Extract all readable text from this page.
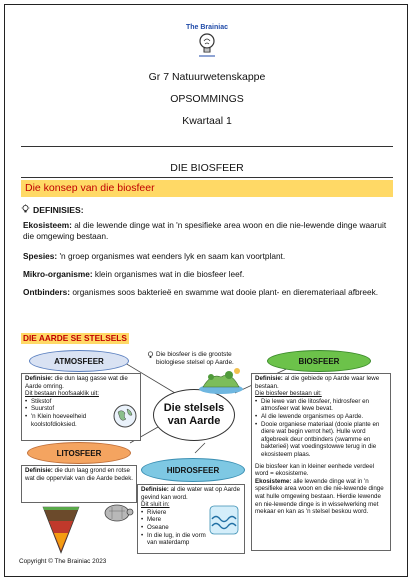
The Brainiac
Gr 7 Natuurwetenskappe
OPSOMMINGS
Kwartaal 1
DIE BIOSFEER
Die konsep van die biosfeer
DEFINISIES:
Ekosisteem: al die lewende dinge wat in 'n spesifieke area woon en die nie-lewende dinge waaruit die omgewing bestaan.
Spesies: 'n groep organismes wat eenders lyk en saam kan voortplant.
Mikro-organisme: klein organismes wat in die biosfeer leef.
Ontbinders: organismes soos bakterieë en swamme wat dooie plant- en dieremateriaal afbreek.
DIE AARDE SE STELSELS
ATMOSFEER
Definisie: die dun laag gasse wat die Aarde omring.
Dit bestaan hoofsaaklik uit:
• Stikstof
• Suurstof
• 'n Klein hoeveelheid koolstofdioksied.
Die biosfeer is die grootste biologiese stelsel op Aarde.
Die stelsels
van Aarde
BIOSFEER
Definisie: al die gebiede op Aarde waar lewe bestaan.
Die biosfeer bestaan uit:
• Die lewe van die litosfeer, hidrosfeer en atmosfeer wat lewe bevat.
• Al die lewende organismes op Aarde.
• Dooie organiese materiaal (dooie plante en diere wat begin verrot het). Hulle word afgebreek deur ontbinders (swamme en bakterieë) wat voedingstowwe terug in die ekosisteem plaas.
Die biosfeer kan in kleiner eenhede verdeel word = ekosisteme.
Ekosisteme: alle lewende dinge wat in 'n spesifieke area woon en die nie-lewende dinge wat hulle omgewing bestaan. Hierdie lewende en nie-lewende dinge is in wisselwerking met mekaar en kan as 'n stelsel beskou word.
LITOSFEER
Definisie: die dun laag grond en rotse wat die oppervlak van die Aarde bedek.
HIDROSFEER
Definisie: al die water wat op Aarde gevind kan word.
Dit sluit in:
• Riviere
• Mere
• Oseane
• In die lug, in die vorm van waterdamp
Copyright © The Brainiac 2023
